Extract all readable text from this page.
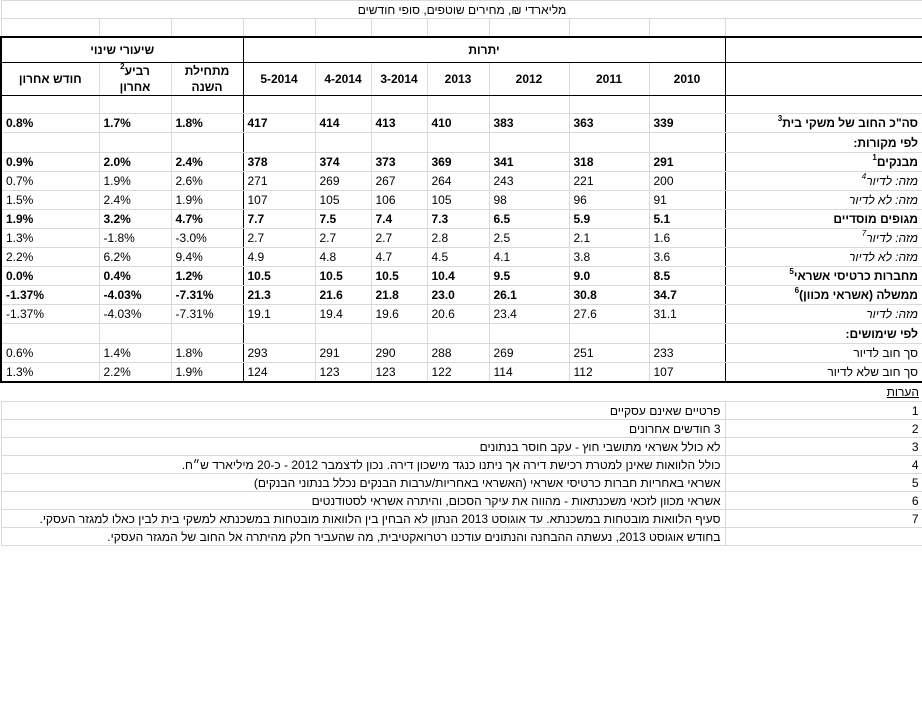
מליארדי ₪, מחירים שוטפים, סופי חודשים										

שיעורי שינוי			יתרות							
חודש אחרון	$^2$רביע אחרון	מתחילת השנה	5-2014	4-2014	3-2014	2013	2012	2011	2010	

0.8%	1.7%	1.8%	417	414	413	410	383	363	339	סה"כ החוב של משקי בית$^3$
										לפי מקורות:
0.9%	2.0%	2.4%	378	374	373	369	341	318	291	מבנקים$^1$
0.7%	1.9%	2.6%	271	269	267	264	243	221	200	מזה: לדיור$^4$
1.5%	2.4%	1.9%	107	105	106	105	98	96	91	מזה: לא לדיור
1.9%	3.2%	4.7%	7.7	7.5	7.4	7.3	6.5	5.9	5.1	מגופים מוסדיים
1.3%	-1.8%	-3.0%	2.7	2.7	2.7	2.8	2.5	2.1	1.6	מזה: לדיור$^7$
2.2%	6.2%	9.4%	4.9	4.8	4.7	4.5	4.1	3.8	3.6	מזה: לא לדיור
0.0%	0.4%	1.2%	10.5	10.5	10.5	10.4	9.5	9.0	8.5	מחברות כרטיסי אשראי$^5$
-1.37%	-4.03%	-7.31%	21.3	21.6	21.8	23.0	26.1	30.8	34.7	ממשלה (אשראי מכוון)$^6$
-1.37%	-4.03%	-7.31%	19.1	19.4	19.6	20.6	23.4	27.6	31.1	מזה: לדיור
										לפי שימושים:
0.6%	1.4%	1.8%	293	291	290	288	269	251	233	סך חוב לדיור
1.3%	2.2%	1.9%	124	123	123	122	114	112	107	סך חוב שלא לדיור
הערות										
פרטיים שאינם עסקיים										1
3 חודשים אחרונים										2
לא כולל אשראי מתושבי חוץ - עקב חוסר בנתונים										3
כולל הלוואות שאינן למטרת רכישת דירה אך ניתנו כנגד מישכון דירה. נכון לדצמבר 2012 - כ-20 מיליארד ש״ח.										4
אשראי באחריות חברות כרטיסי אשראי (האשראי באחריות/ערבות הבנקים נכלל בנתוני הבנקים)										5
אשראי מכוון לזכאי משכנתאות - מהווה את עיקר הסכום, והיתרה אשראי לסטודנטים										6
סעיף הלוואות מובטחות במשכנתא. עד אוגוסט 2013 הנתון לא הבחין בין הלוואות מובטחות במשכנתא למשקי בית לבין כאלו למגזר העסקי.										7
בחודש אוגוסט 2013, נעשתה ההבחנה והנתונים עודכנו רטרואקטיבית, מה שהעביר חלק מהיתרה אל החוב של המגזר העסקי.										
